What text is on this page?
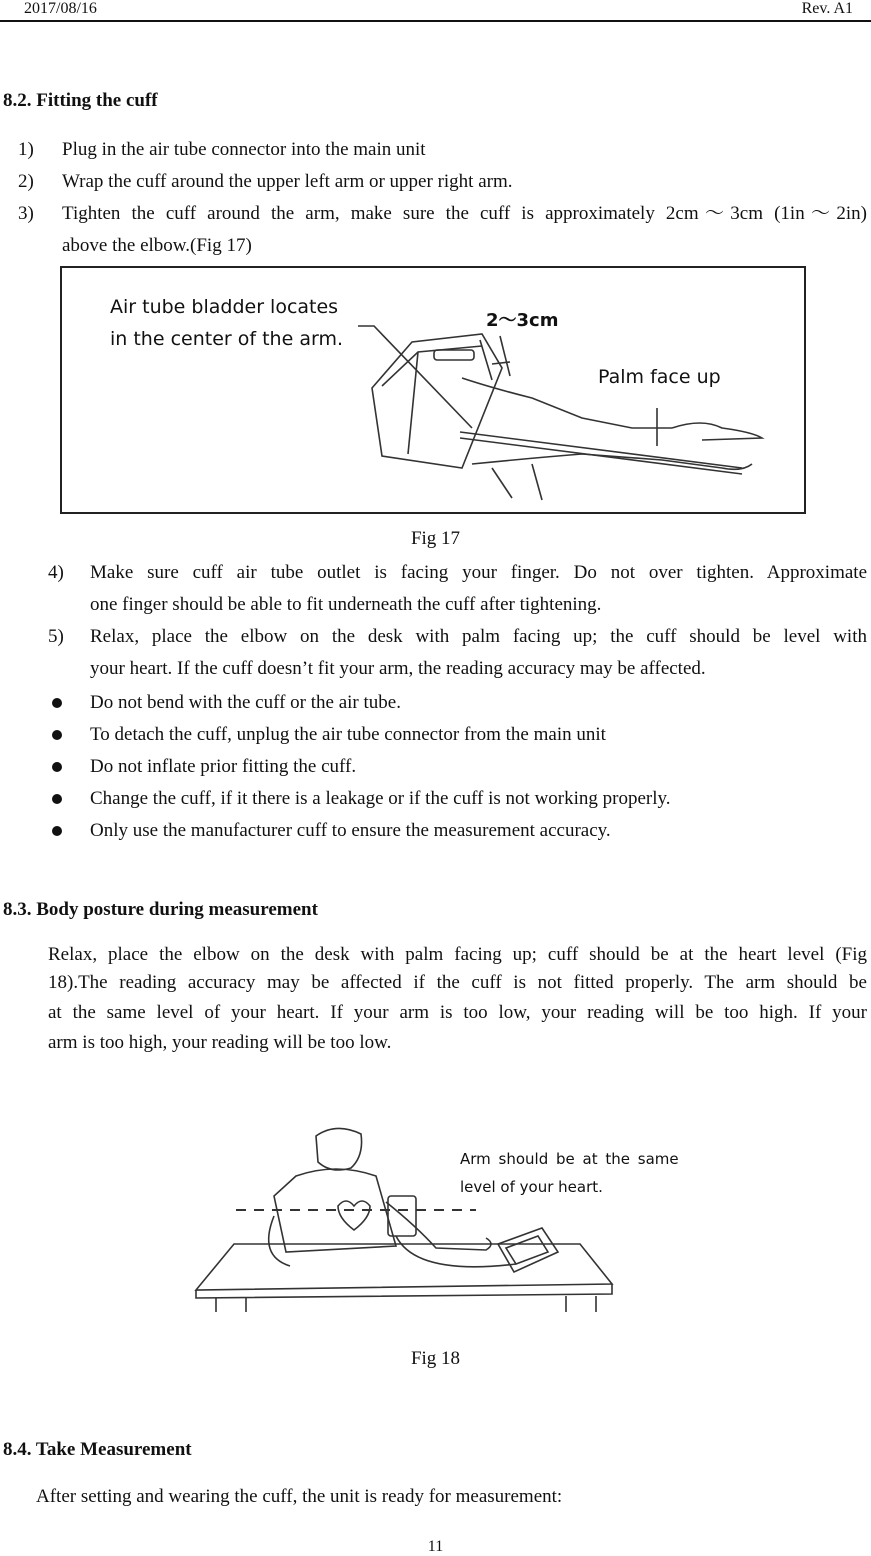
2017/08/16	Rev. A1
8.2. Fitting the cuff
1) Plug in the air tube connector into the main unit
2) Wrap the cuff around the upper left arm or upper right arm.
3) Tighten the cuff around the arm, make sure the cuff is approximately 2cm～3cm (1in～2in)
above the elbow.(Fig 17)
Air tube bladder locates
in the center of the arm.
2～3cm
Palm face up
Fig 17
4) Make sure cuff air tube outlet is facing your finger. Do not over tighten. Approximate
one finger should be able to fit underneath the cuff after tightening.
5) Relax, place the elbow on the desk with palm facing up; the cuff should be level with
your heart. If the cuff doesn’t fit your arm, the reading accuracy may be affected.
Do not bend with the cuff or the air tube.
To detach the cuff, unplug the air tube connector from the main unit
Do not inflate prior fitting the cuff.
Change the cuff, if it there is a leakage or if the cuff is not working properly.
Only use the manufacturer cuff to ensure the measurement accuracy.
8.3. Body posture during measurement
Relax, place the elbow on the desk with palm facing up; cuff should be at the heart level (Fig
18).The reading accuracy may be affected if the cuff is not fitted properly. The arm should be
at the same level of your heart. If your arm is too low, your reading will be too high. If your
arm is too high, your reading will be too low.
Arm should be at the same
level of your heart.
Fig 18
8.4. Take Measurement
After setting and wearing the cuff, the unit is ready for measurement:
11
